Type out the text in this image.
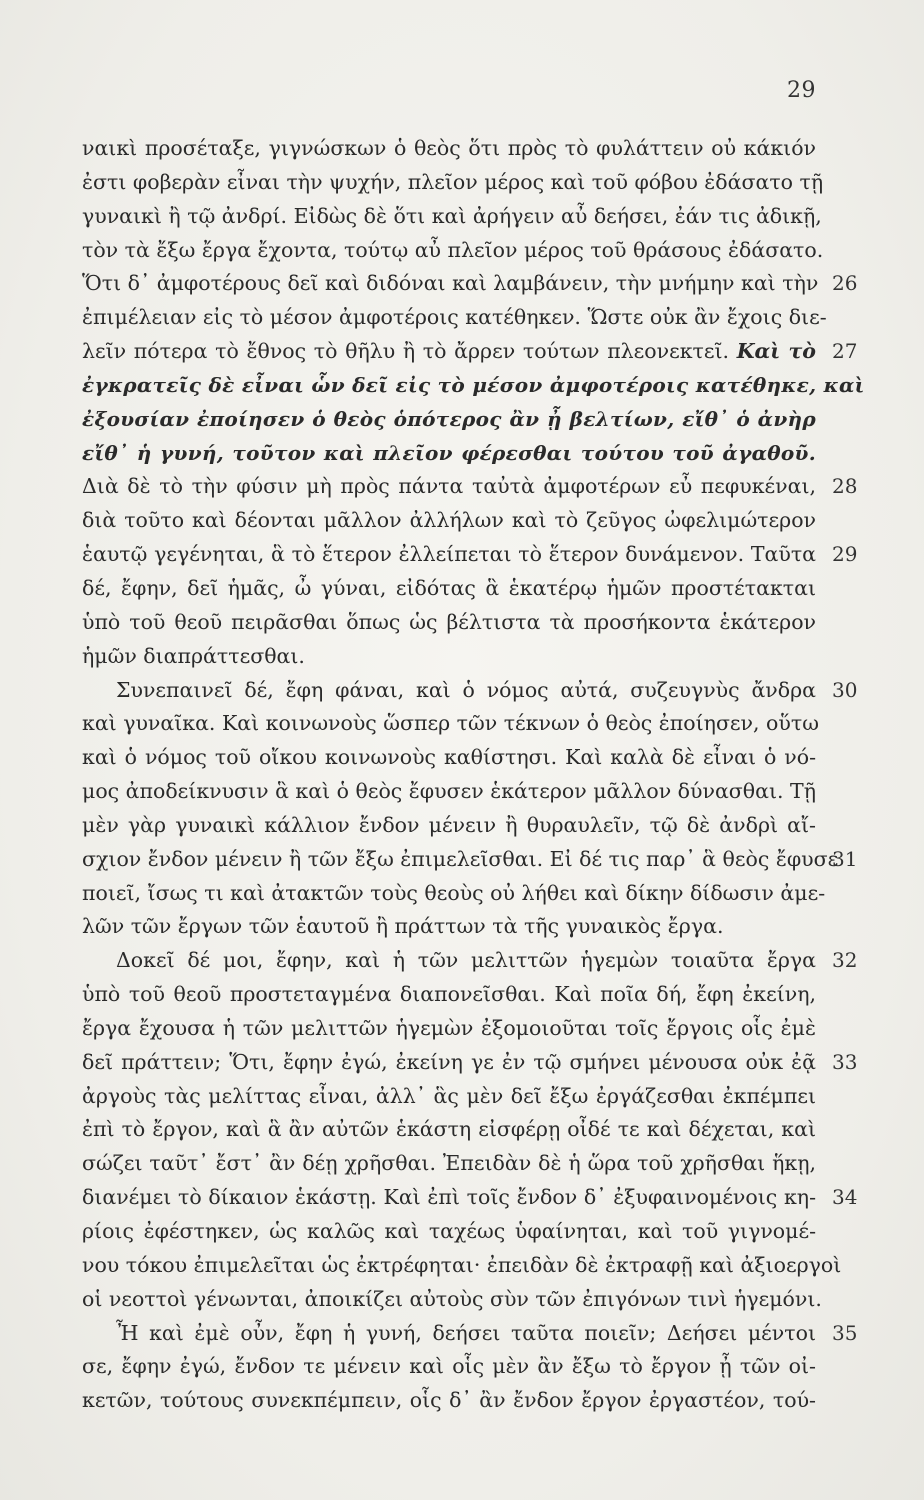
29
ναικὶ προσέταξε, γιγνώσκων ὁ θεὸς ὅτι πρὸς τὸ φυλάττειν οὐ κάκιόν
ἐστι φοβερὰν εἶναι τὴν ψυχήν, πλεῖον μέρος καὶ τοῦ φόβου ἐδάσατο τῇ
γυναικὶ ἢ τῷ ἀνδρί. Εἰδὼς δὲ ὅτι καὶ ἀρήγειν αὖ δεήσει, ἐάν τις ἀδικῇ,
τὸν τὰ ἔξω ἔργα ἔχοντα, τούτῳ αὖ πλεῖον μέρος τοῦ θράσους ἐδάσατο.
Ὅτι δ᾽ ἀμφοτέρους δεῖ καὶ διδόναι καὶ λαμβάνειν, τὴν μνήμην καὶ τὴν 26
ἐπιμέλειαν εἰς τὸ μέσον ἀμφοτέροις κατέθηκεν. Ὥστε οὐκ ἂν ἔχοις διε-
λεῖν πότερα τὸ ἔθνος τὸ θῆλυ ἢ τὸ ἄρρεν τούτων πλεονεκτεῖ. Καὶ τὸ 27
ἐγκρατεῖς δὲ εἶναι ὧν δεῖ εἰς τὸ μέσον ἀμφοτέροις κατέθηκε, καὶ
ἐξουσίαν ἐποίησεν ὁ θεὸς ὁπότερος ἂν ᾖ βελτίων, εἴθ᾽ ὁ ἀνὴρ
εἴθ᾽ ἡ γυνή, τοῦτον καὶ πλεῖον φέρεσθαι τούτου τοῦ ἀγαθοῦ.
Διὰ δὲ τὸ τὴν φύσιν μὴ πρὸς πάντα ταὐτὰ ἀμφοτέρων εὖ πεφυκέναι, 28
διὰ τοῦτο καὶ δέονται μᾶλλον ἀλλήλων καὶ τὸ ζεῦγος ὠφελιμώτερον
ἑαυτῷ γεγένηται, ἃ τὸ ἕτερον ἐλλείπεται τὸ ἕτερον δυνάμενον. Ταῦτα 29
δέ, ἔφην, δεῖ ἡμᾶς, ὦ γύναι, εἰδότας ἃ ἑκατέρῳ ἡμῶν προστέτακται
ὑπὸ τοῦ θεοῦ πειρᾶσθαι ὅπως ὡς βέλτιστα τὰ προσήκοντα ἑκάτερον
ἡμῶν διαπράττεσθαι.
Συνεπαινεῖ δέ, ἔφη φάναι, καὶ ὁ νόμος αὐτά, συζευγνὺς ἄνδρα 30
καὶ γυναῖκα. Καὶ κοινωνοὺς ὥσπερ τῶν τέκνων ὁ θεὸς ἐποίησεν, οὕτω
καὶ ὁ νόμος τοῦ οἴκου κοινωνοὺς καθίστησι. Καὶ καλὰ δὲ εἶναι ὁ νό-
μος ἀποδείκνυσιν ἃ καὶ ὁ θεὸς ἔφυσεν ἑκάτερον μᾶλλον δύνασθαι. Τῇ
μὲν γὰρ γυναικὶ κάλλιον ἔνδον μένειν ἢ θυραυλεῖν, τῷ δὲ ἀνδρὶ αἴ-
σχιον ἔνδον μένειν ἢ τῶν ἔξω ἐπιμελεῖσθαι. Εἰ δέ τις παρ᾽ ἃ θεὸς ἔφυσε
31
ποιεῖ, ἴσως τι καὶ ἀτακτῶν τοὺς θεοὺς οὐ λήθει καὶ δίκην δίδωσιν ἀμε-
λῶν τῶν ἔργων τῶν ἑαυτοῦ ἢ πράττων τὰ τῆς γυναικὸς ἔργα.
Δοκεῖ δέ μοι, ἔφην, καὶ ἡ τῶν μελιττῶν ἡγεμὼν τοιαῦτα ἔργα 32
ὑπὸ τοῦ θεοῦ προστεταγμένα διαπονεῖσθαι. Καὶ ποῖα δή, ἔφη ἐκείνη,
ἔργα ἔχουσα ἡ τῶν μελιττῶν ἡγεμὼν ἐξομοιοῦται τοῖς ἔργοις οἷς ἐμὲ
δεῖ πράττειν; Ὅτι, ἔφην ἐγώ, ἐκείνη γε ἐν τῷ σμήνει μένουσα οὐκ ἐᾷ 33
ἀργοὺς τὰς μελίττας εἶναι, ἀλλ᾽ ἃς μὲν δεῖ ἔξω ἐργάζεσθαι ἐκπέμπει
ἐπὶ τὸ ἔργον, καὶ ἃ ἂν αὐτῶν ἑκάστη εἰσφέρῃ οἶδέ τε καὶ δέχεται, καὶ
σώζει ταῦτ᾽ ἔστ᾽ ἂν δέῃ χρῆσθαι. Ἐπειδὰν δὲ ἡ ὥρα τοῦ χρῆσθαι ἥκῃ,
διανέμει τὸ δίκαιον ἑκάστῃ. Καὶ ἐπὶ τοῖς ἔνδον δ᾽ ἐξυφαινομένοις κη- 34
ρίοις ἐφέστηκεν, ὡς καλῶς καὶ ταχέως ὑφαίνηται, καὶ τοῦ γιγνομέ-
νου τόκου ἐπιμελεῖται ὡς ἐκτρέφηται· ἐπειδὰν δὲ ἐκτραφῇ καὶ ἀξιοεργοὶ
οἱ νεοττοὶ γένωνται, ἀποικίζει αὐτοὺς σὺν τῶν ἐπιγόνων τινὶ ἡγεμόνι.
Ἦ καὶ ἐμὲ οὖν, ἔφη ἡ γυνή, δεήσει ταῦτα ποιεῖν; Δεήσει μέντοι 35
σε, ἔφην ἐγώ, ἔνδον τε μένειν καὶ οἷς μὲν ἂν ἔξω τὸ ἔργον ᾖ τῶν οἰ-
κετῶν, τούτους συνεκπέμπειν, οἷς δ᾽ ἂν ἔνδον ἔργον ἐργαστέον, τού-
